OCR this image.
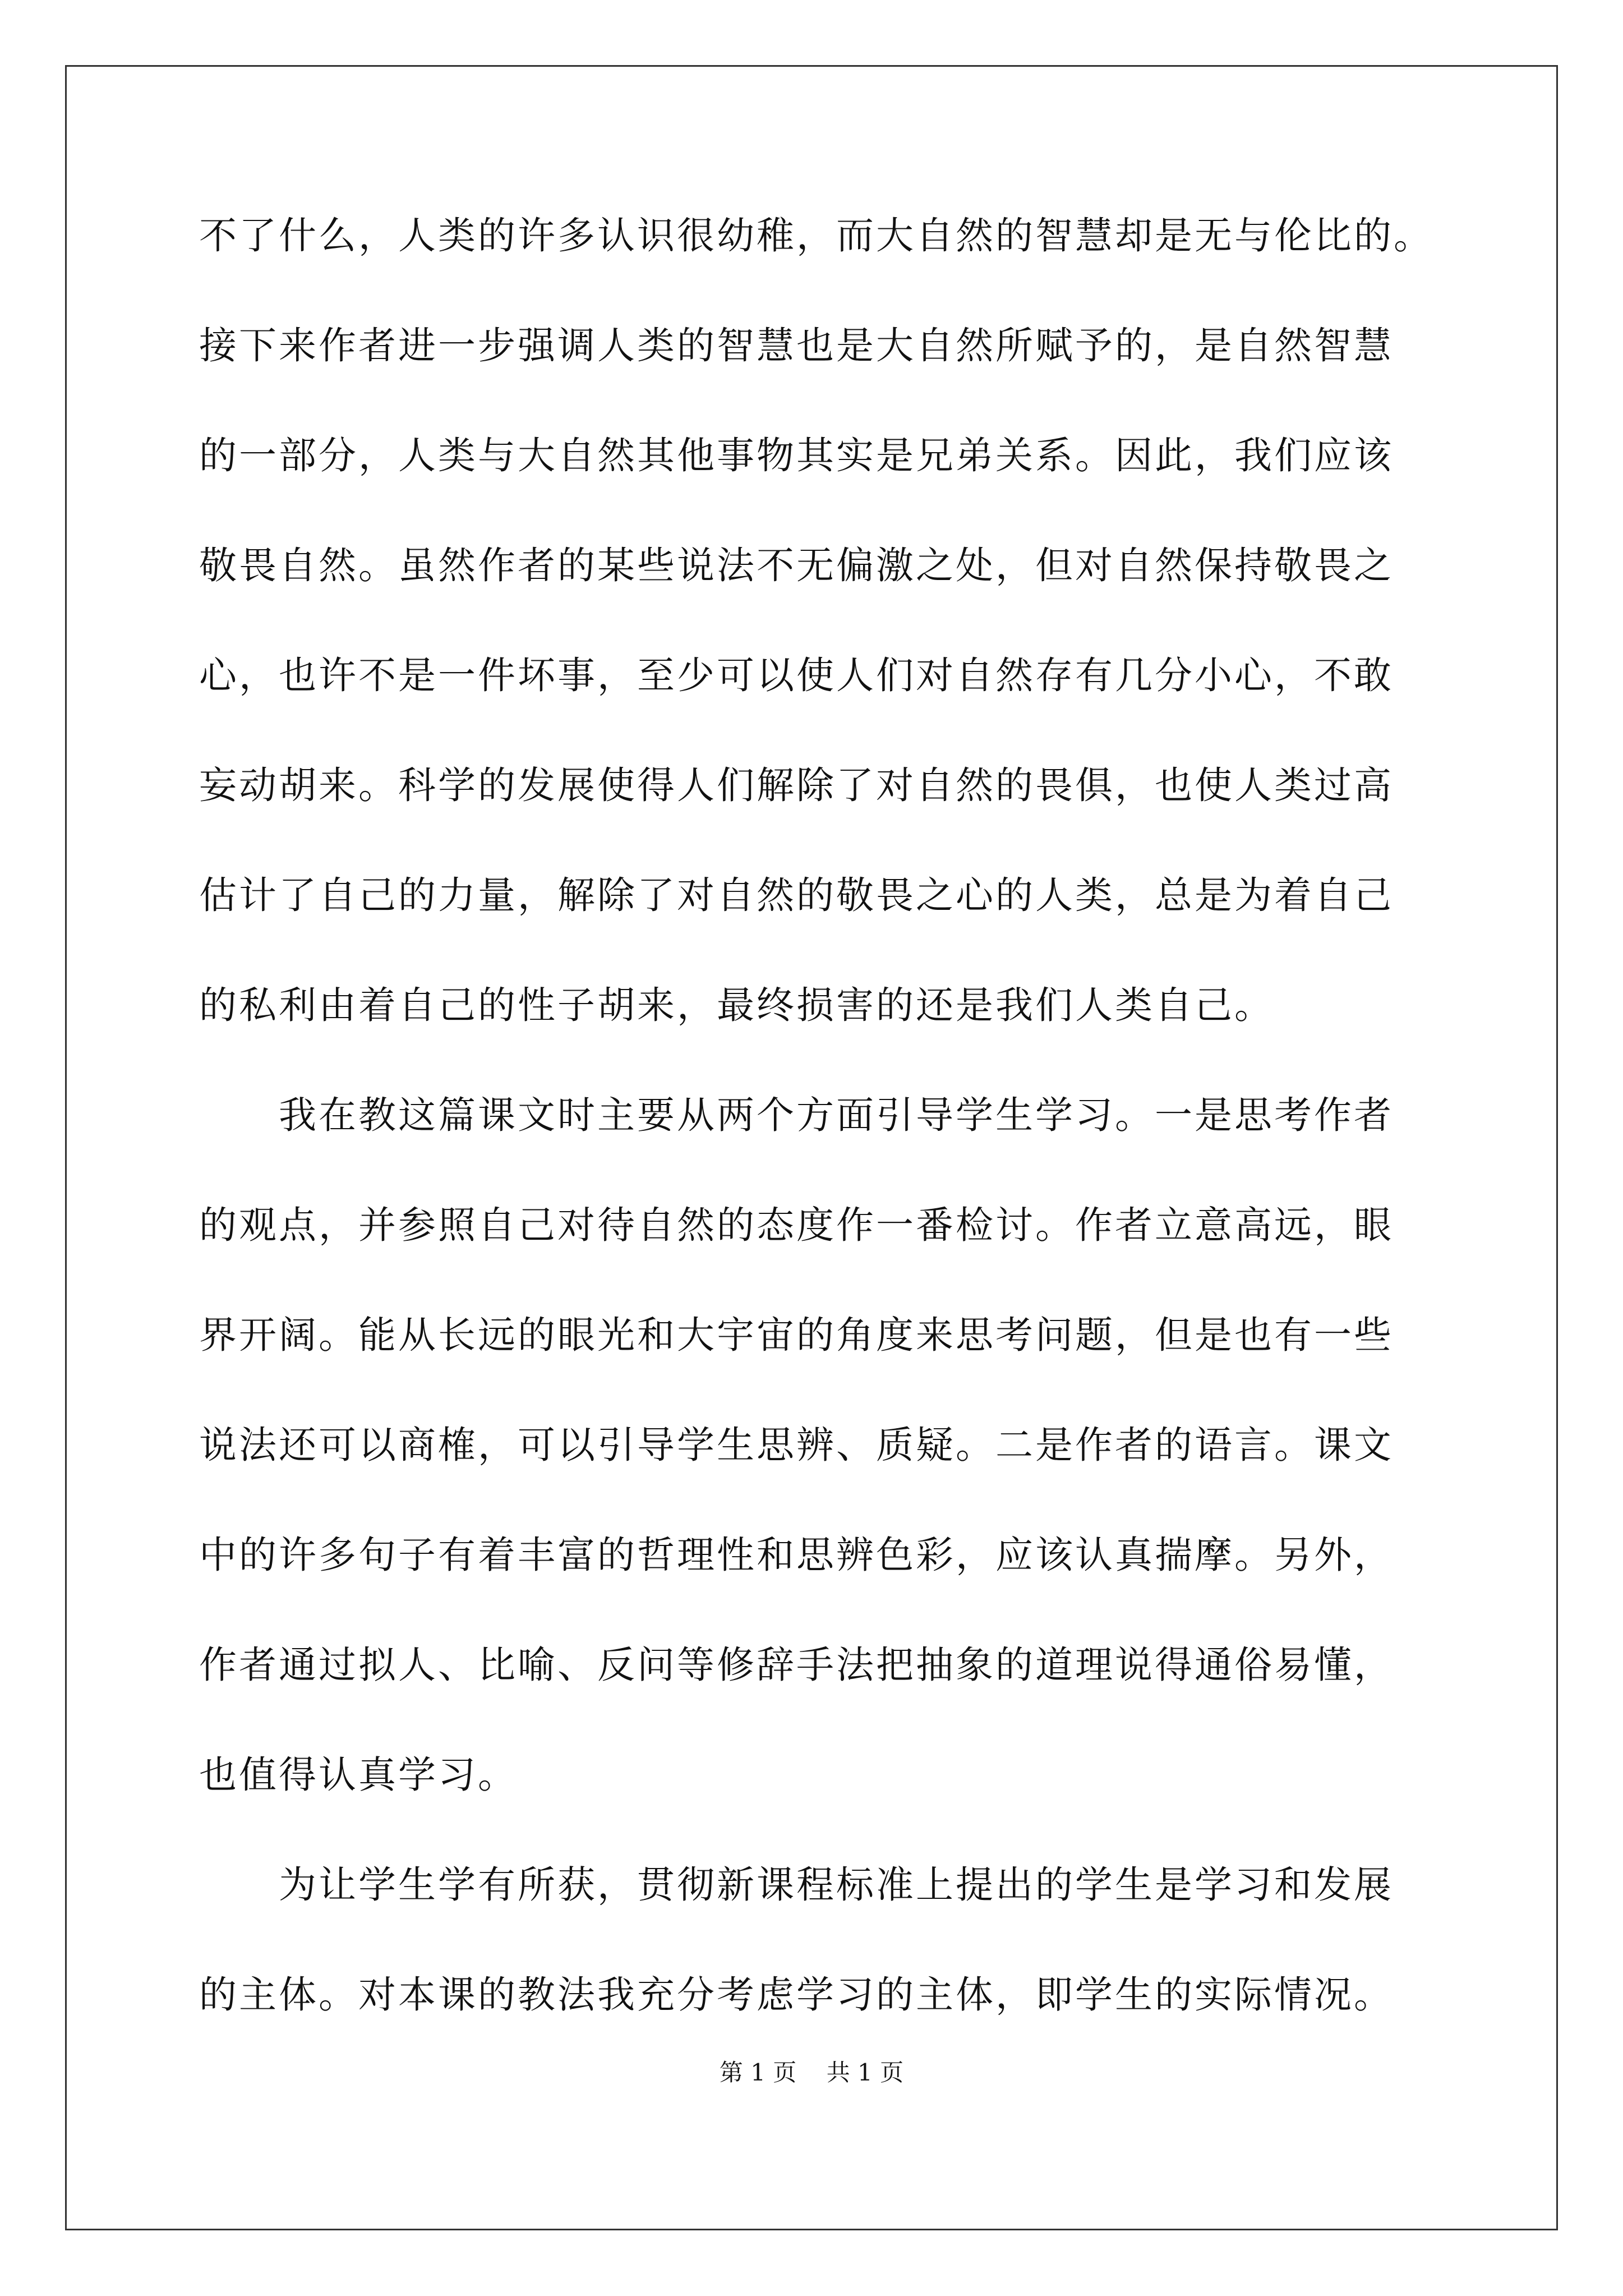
不了什么，人类的许多认识很幼稚，而大自然的智慧却是无与伦比的。
接下来作者进一步强调人类的智慧也是大自然所赋予的，是自然智慧
的一部分，人类与大自然其他事物其实是兄弟关系。因此，我们应该
敬畏自然。虽然作者的某些说法不无偏激之处，但对自然保持敬畏之
心，也许不是一件坏事，至少可以使人们对自然存有几分小心，不敢
妄动胡来。科学的发展使得人们解除了对自然的畏俱，也使人类过高
估计了自己的力量，解除了对自然的敬畏之心的人类，总是为着自己
的私利由着自己的性子胡来，最终损害的还是我们人类自己。
　　我在教这篇课文时主要从两个方面引导学生学习。一是思考作者
的观点，并参照自己对待自然的态度作一番检讨。作者立意高远，眼
界开阔。能从长远的眼光和大宇宙的角度来思考问题，但是也有一些
说法还可以商榷，可以引导学生思辨、质疑。二是作者的语言。课文
中的许多句子有着丰富的哲理性和思辨色彩，应该认真揣摩。另外，
作者通过拟人、比喻、反问等修辞手法把抽象的道理说得通俗易懂，
也值得认真学习。
　　为让学生学有所获，贯彻新课程标准上提出的学生是学习和发展
的主体。对本课的教法我充分考虑学习的主体，即学生的实际情况。
第 1 页    共 1 页
